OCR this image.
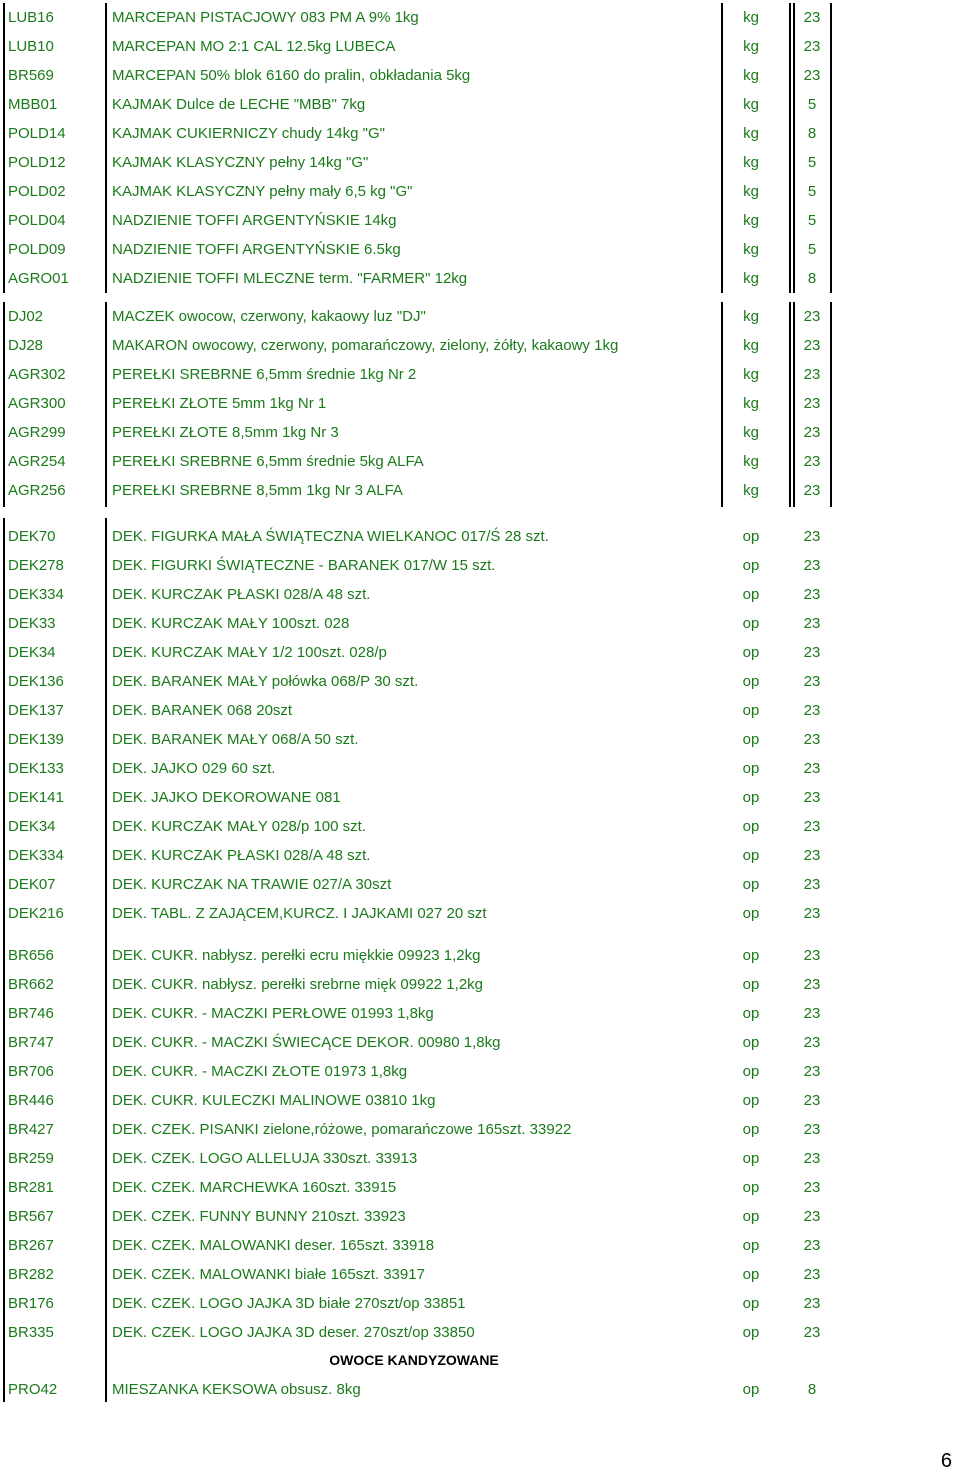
LUB16	MARCEPAN PISTACJOWY 083 PM A 9% 1kg	kg	23
LUB10	MARCEPAN MO 2:1 CAL 12.5kg LUBECA	kg	23
BR569	MARCEPAN 50% blok 6160 do pralin, obkładania 5kg	kg	23
MBB01	KAJMAK Dulce de LECHE "MBB" 7kg	kg	5
POLD14	KAJMAK CUKIERNICZY chudy 14kg "G"	kg	8
POLD12	KAJMAK KLASYCZNY pełny 14kg "G"	kg	5
POLD02	KAJMAK KLASYCZNY pełny mały 6,5 kg "G"	kg	5
POLD04	NADZIENIE TOFFI ARGENTYŃSKIE 14kg	kg	5
POLD09	NADZIENIE TOFFI ARGENTYŃSKIE 6.5kg	kg	5
AGRO01	NADZIENIE TOFFI MLECZNE term. "FARMER" 12kg	kg	8
DJ02	MACZEK owocow, czerwony, kakaowy luz "DJ"	kg	23
DJ28	MAKARON owocowy, czerwony, pomarańczowy, zielony, żółty, kakaowy 1kg	kg	23
AGR302	PEREŁKI SREBRNE 6,5mm średnie 1kg Nr 2	kg	23
AGR300	PEREŁKI ZŁOTE 5mm 1kg Nr 1	kg	23
AGR299	PEREŁKI ZŁOTE 8,5mm 1kg Nr 3	kg	23
AGR254	PEREŁKI SREBRNE 6,5mm średnie 5kg ALFA	kg	23
AGR256	PEREŁKI SREBRNE 8,5mm 1kg Nr 3 ALFA	kg	23
DEK70	DEK. FIGURKA MAŁA ŚWIĄTECZNA WIELKANOC 017/Ś 28 szt.	op	23
DEK278	DEK. FIGURKI ŚWIĄTECZNE - BARANEK 017/W 15 szt.	op	23
DEK334	DEK. KURCZAK PŁASKI 028/A 48 szt.	op	23
DEK33	DEK. KURCZAK MAŁY 100szt. 028	op	23
DEK34	DEK. KURCZAK MAŁY 1/2 100szt. 028/p	op	23
DEK136	DEK. BARANEK MAŁY połówka 068/P 30 szt.	op	23
DEK137	DEK. BARANEK 068 20szt	op	23
DEK139	DEK. BARANEK MAŁY 068/A 50 szt.	op	23
DEK133	DEK. JAJKO 029 60 szt.	op	23
DEK141	DEK. JAJKO DEKOROWANE 081	op	23
DEK34	DEK. KURCZAK MAŁY 028/p 100 szt.	op	23
DEK334	DEK. KURCZAK PŁASKI 028/A 48 szt.	op	23
DEK07	DEK. KURCZAK NA TRAWIE 027/A 30szt	op	23
DEK216	DEK. TABL. Z ZAJĄCEM,KURCZ. I JAJKAMI 027 20 szt	op	23
BR656	DEK. CUKR. nabłysz. perełki ecru miękkie 09923 1,2kg	op	23
BR662	DEK. CUKR. nabłysz. perełki srebrne mięk 09922 1,2kg	op	23
BR746	DEK. CUKR. - MACZKI PERŁOWE 01993 1,8kg	op	23
BR747	DEK. CUKR. - MACZKI ŚWIECĄCE DEKOR. 00980 1,8kg	op	23
BR706	DEK. CUKR. - MACZKI ZŁOTE 01973 1,8kg	op	23
BR446	DEK. CUKR. KULECZKI MALINOWE 03810 1kg	op	23
BR427	DEK. CZEK. PISANKI zielone,różowe, pomarańczowe 165szt. 33922	op	23
BR259	DEK. CZEK. LOGO ALLELUJA 330szt. 33913	op	23
BR281	DEK. CZEK. MARCHEWKA 160szt. 33915	op	23
BR567	DEK. CZEK. FUNNY BUNNY 210szt. 33923	op	23
BR267	DEK. CZEK. MALOWANKI deser. 165szt. 33918	op	23
BR282	DEK. CZEK. MALOWANKI białe 165szt. 33917	op	23
BR176	DEK. CZEK. LOGO JAJKA 3D białe 270szt/op 33851	op	23
BR335	DEK. CZEK. LOGO JAJKA 3D deser. 270szt/op 33850	op	23
OWOCE KANDYZOWANE
PRO42	MIESZANKA KEKSOWA obsusz. 8kg	op	8
6
